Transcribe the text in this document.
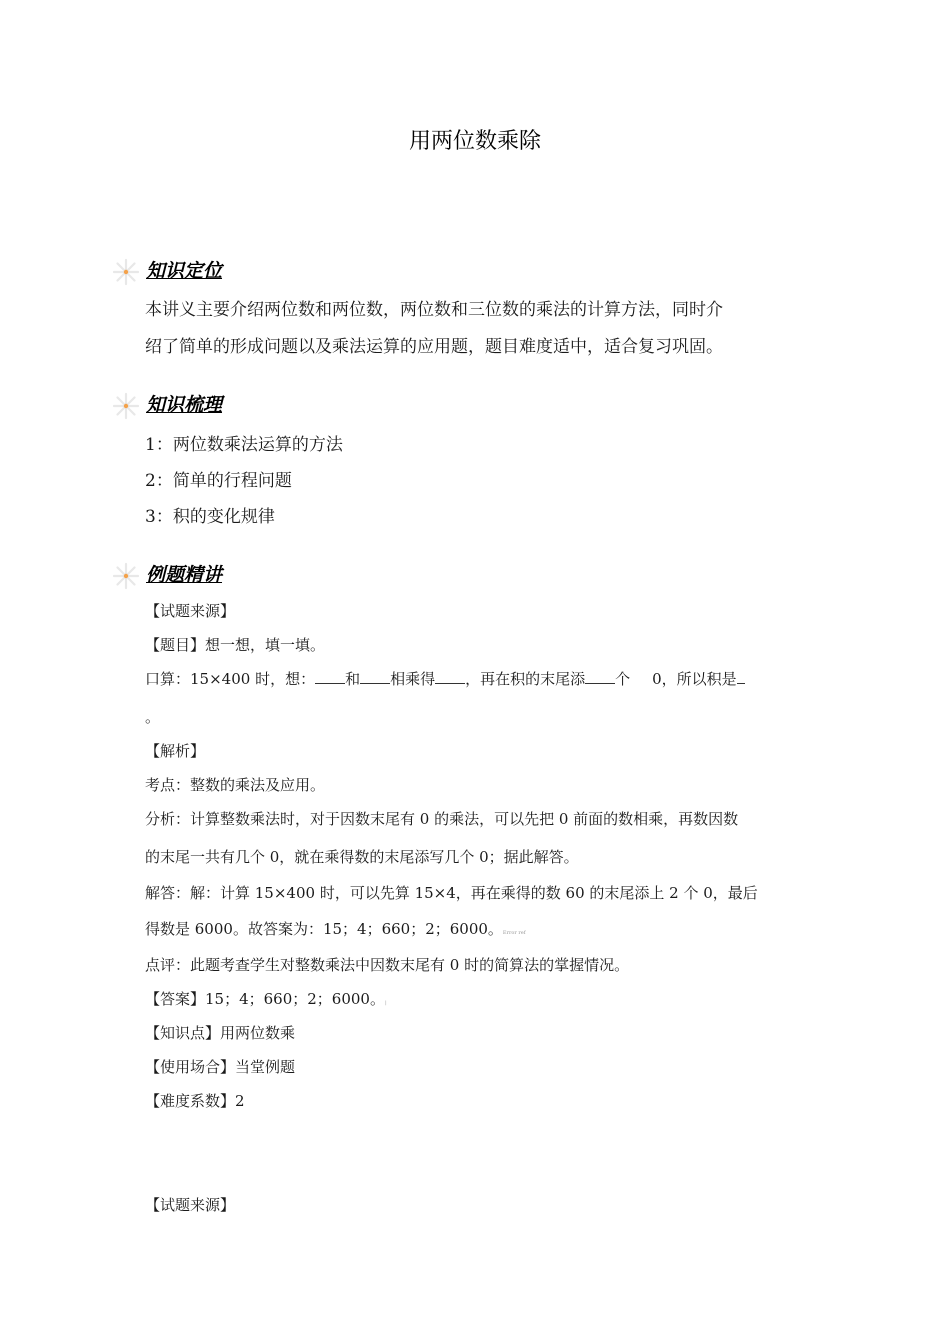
用两位数乘除
知识定位
本讲义主要介绍两位数和两位数，两位数和三位数的乘法的计算方法，同时介
绍了简单的形成问题以及乘法运算的应用题，题目难度适中，适合复习巩固。
知识梳理
1：两位数乘法运算的方法
2：简单的行程问题
3：积的变化规律
例题精讲
【试题来源】
【题目】想一想，填一填。
口算：15×400 时，想： 和 相乘得 ，再在积的末尾添 个 0，所以积是
。
【解析】
考点：整数的乘法及应用。
分析：计算整数乘法时，对于因数末尾有 0 的乘法，可以先把 0 前面的数相乘，再数因数
的末尾一共有几个 0，就在乘得数的末尾添写几个 0；据此解答。
解答：解：计算 15×400 时，可以先算 15×4，再在乘得的数 60 的末尾添上 2 个 0，最后
得数是 6000。故答案为：15；4；660；2；6000。Error ref
点评：此题考查学生对整数乘法中因数末尾有 0 时的简算法的掌握情况。
【答案】15；4；660；2；6000。|
【知识点】用两位数乘
【使用场合】当堂例题
【难度系数】2
【试题来源】
